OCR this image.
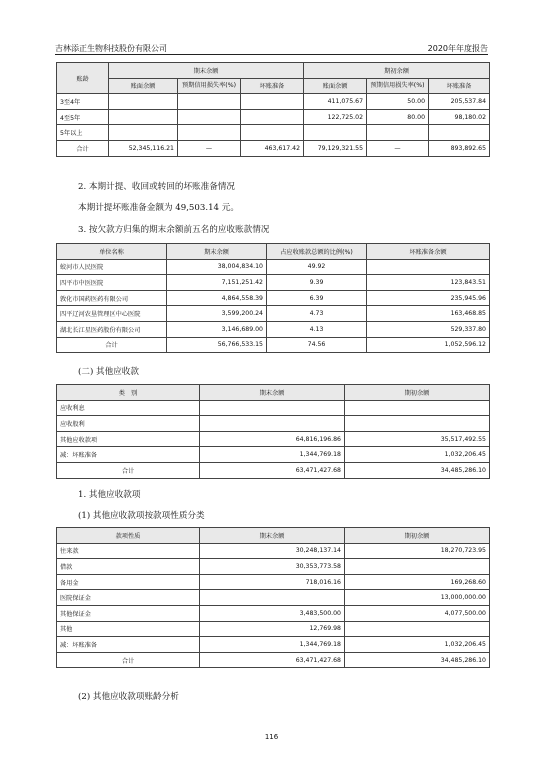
吉林添正生物科技股份有限公司	2020年年度报告
账龄	期末余额			期初余额		
	账面余额	预期信用损失率(%)	坏账准备	账面余额	预期信用损失率(%)	坏账准备
3至4年				411,075.67	50.00	205,537.84
4至5年				122,725.02	80.00	98,180.02
5年以上						
合计	52,345,116.21	—	463,617.42	79,129,321.55	—	893,892.65
2. 本期计提、收回或转回的坏账准备情况
本期计提坏账准备金额为 49,503.14 元。
3. 按欠款方归集的期末余额前五名的应收账款情况
单位名称	期末余额	占应收账款总额的比例(%)	坏账准备余额
蛟河市人民医院	38,004,834.10	49.92	
四平市中医医院	7,151,251.42	9.39	123,843.51
敦化市国药医药有限公司	4,864,558.39	6.39	235,945.96
四平辽河农垦管理区中心医院	3,599,200.24	4.73	163,468.85
湖北长江星医药股份有限公司	3,146,689.00	4.13	529,337.80
合计	56,766,533.15	74.56	1,052,596.12
(二) 其他应收款
类　别	期末余额	期初余额
应收利息		
应收股利		
其他应收款项	64,816,196.86	35,517,492.55
减：坏账准备	1,344,769.18	1,032,206.45
合计	63,471,427.68	34,485,286.10
1. 其他应收款项
(1) 其他应收款项按款项性质分类
款项性质	期末余额	期初余额
往来款	30,248,137.14	18,270,723.95
借款	30,353,773.58	
备用金	718,016.16	169,268.60
医院保证金		13,000,000.00
其他保证金	3,483,500.00	4,077,500.00
其他	12,769.98	
减：坏账准备	1,344,769.18	1,032,206.45
合计	63,471,427.68	34,485,286.10
(2) 其他应收款项账龄分析
116
